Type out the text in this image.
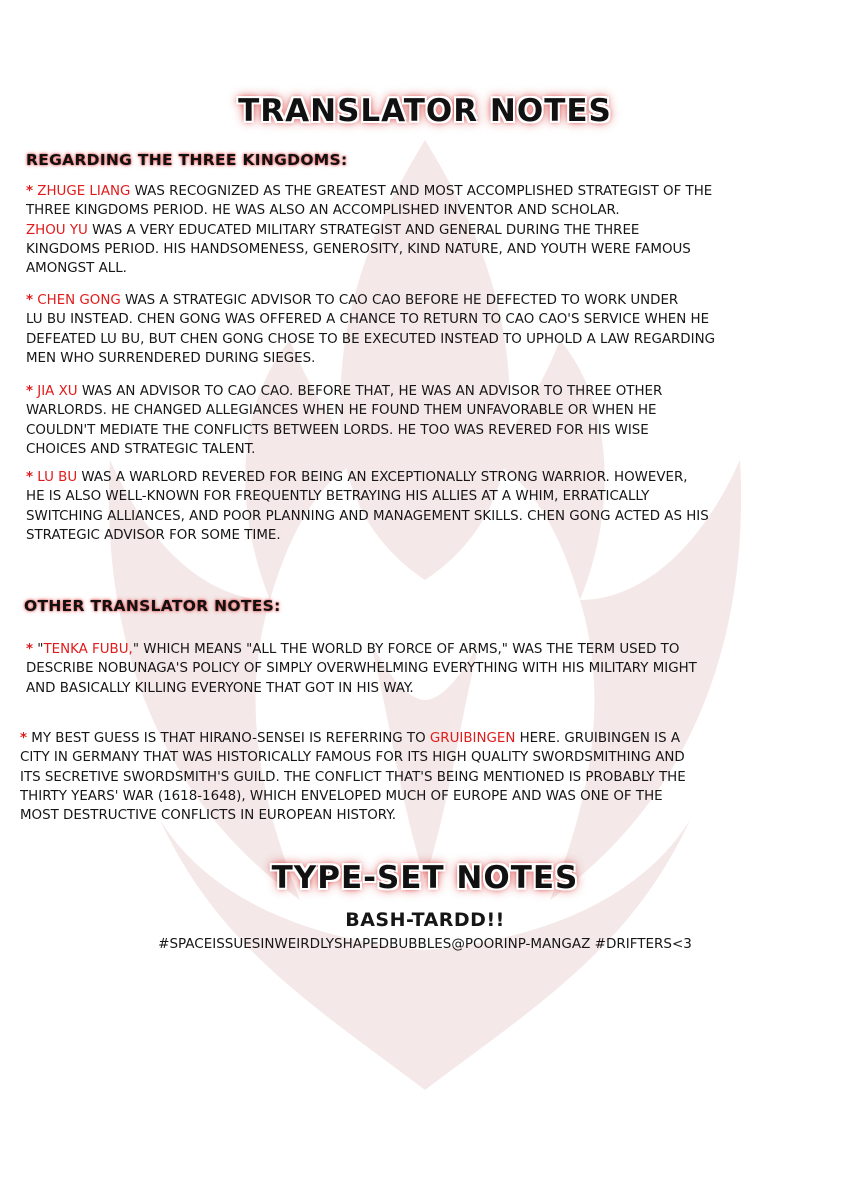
TRANSLATOR NOTES
REGARDING THE THREE KINGDOMS:
* ZHUGE LIANG WAS RECOGNIZED AS THE GREATEST AND MOST ACCOMPLISHED STRATEGIST OF THE
THREE KINGDOMS PERIOD. HE WAS ALSO AN ACCOMPLISHED INVENTOR AND SCHOLAR.
ZHOU YU WAS A VERY EDUCATED MILITARY STRATEGIST AND GENERAL DURING THE THREE
KINGDOMS PERIOD. HIS HANDSOMENESS, GENEROSITY, KIND NATURE, AND YOUTH WERE FAMOUS
AMONGST ALL.
* CHEN GONG WAS A STRATEGIC ADVISOR TO CAO CAO BEFORE HE DEFECTED TO WORK UNDER
LU BU INSTEAD. CHEN GONG WAS OFFERED A CHANCE TO RETURN TO CAO CAO'S SERVICE WHEN HE
DEFEATED LU BU, BUT CHEN GONG CHOSE TO BE EXECUTED INSTEAD TO UPHOLD A LAW REGARDING
MEN WHO SURRENDERED DURING SIEGES.
* JIA XU WAS AN ADVISOR TO CAO CAO. BEFORE THAT, HE WAS AN ADVISOR TO THREE OTHER
WARLORDS. HE CHANGED ALLEGIANCES WHEN HE FOUND THEM UNFAVORABLE OR WHEN HE
COULDN'T MEDIATE THE CONFLICTS BETWEEN LORDS. HE TOO WAS REVERED FOR HIS WISE
CHOICES AND STRATEGIC TALENT.
* LU BU WAS A WARLORD REVERED FOR BEING AN EXCEPTIONALLY STRONG WARRIOR. HOWEVER,
HE IS ALSO WELL-KNOWN FOR FREQUENTLY BETRAYING HIS ALLIES AT A WHIM, ERRATICALLY
SWITCHING ALLIANCES, AND POOR PLANNING AND MANAGEMENT SKILLS. CHEN GONG ACTED AS HIS
STRATEGIC ADVISOR FOR SOME TIME.
OTHER TRANSLATOR NOTES:
* "TENKA FUBU," WHICH MEANS "ALL THE WORLD BY FORCE OF ARMS," WAS THE TERM USED TO
DESCRIBE NOBUNAGA'S POLICY OF SIMPLY OVERWHELMING EVERYTHING WITH HIS MILITARY MIGHT
AND BASICALLY KILLING EVERYONE THAT GOT IN HIS WAY.
* MY BEST GUESS IS THAT HIRANO-SENSEI IS REFERRING TO GRUIBINGEN HERE. GRUIBINGEN IS A
CITY IN GERMANY THAT WAS HISTORICALLY FAMOUS FOR ITS HIGH QUALITY SWORDSMITHING AND
ITS SECRETIVE SWORDSMITH'S GUILD. THE CONFLICT THAT'S BEING MENTIONED IS PROBABLY THE
THIRTY YEARS' WAR (1618-1648), WHICH ENVELOPED MUCH OF EUROPE AND WAS ONE OF THE
MOST DESTRUCTIVE CONFLICTS IN EUROPEAN HISTORY.
TYPE-SET NOTES
BASH-TARDD!!
#SPACEISSUESINWEIRDLYSHAPEDBUBBLES@POORINP-MANGAZ #DRIFTERS<3
